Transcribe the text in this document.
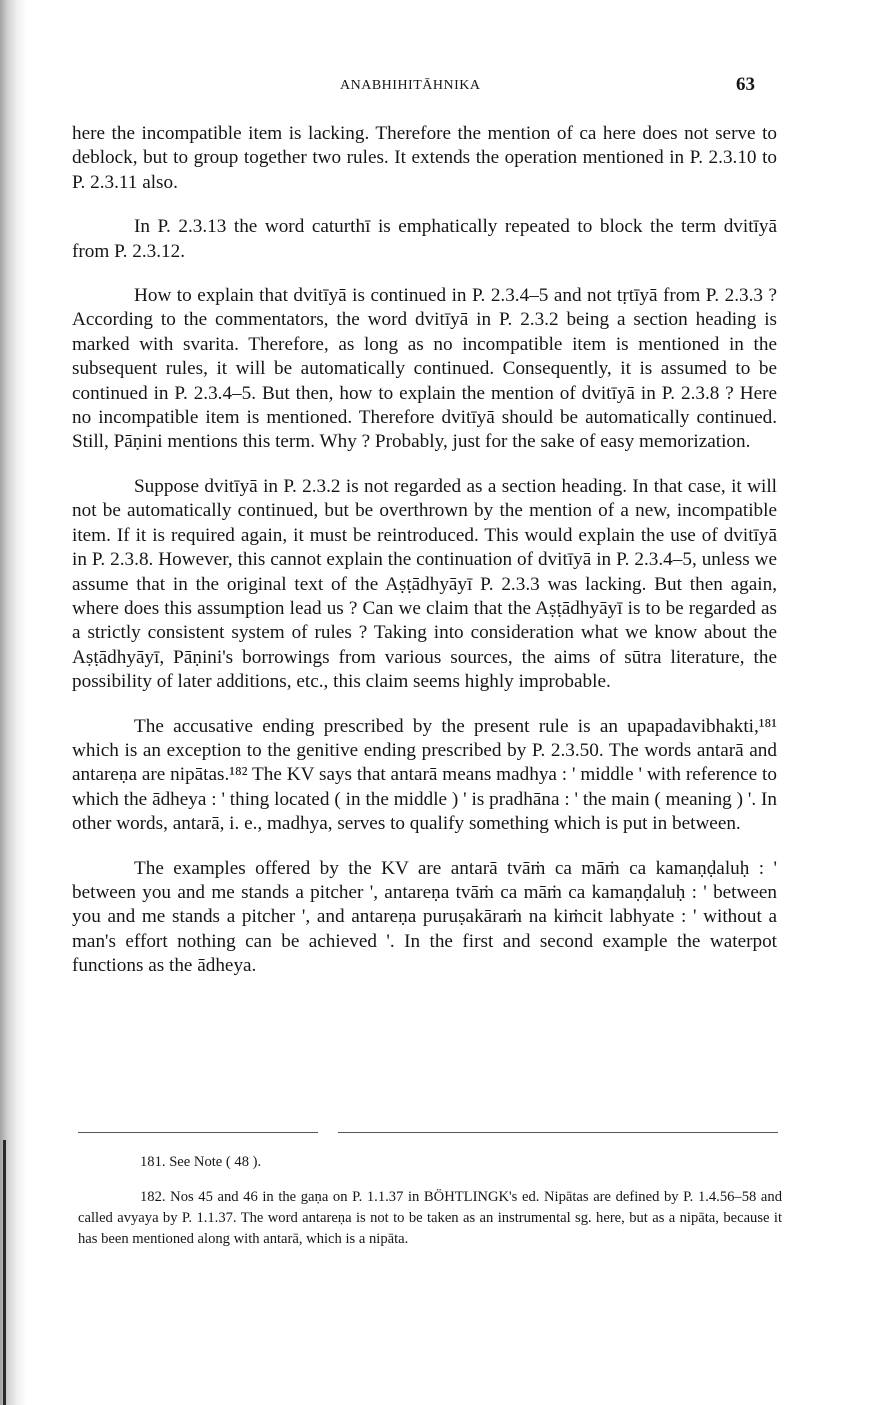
ANABHIHITĀHNIKA	63

here the incompatible item is lacking. Therefore the mention of ca here does not serve to deblock, but to group together two rules. It extends the operation mentioned in P. 2.3.10 to P. 2.3.11 also.

In P. 2.3.13 the word caturthī is emphatically repeated to block the term dvitīyā from P. 2.3.12.

How to explain that dvitīyā is continued in P. 2.3.4–5 and not tṛtīyā from P. 2.3.3 ? According to the commentators, the word dvitīyā in P. 2.3.2 being a section heading is marked with svarita. Therefore, as long as no incompatible item is mentioned in the subsequent rules, it will be automatically continued. Consequently, it is assumed to be continued in P. 2.3.4–5. But then, how to explain the mention of dvitīyā in P. 2.3.8 ? Here no incompatible item is mentioned. Therefore dvitīyā should be automatically continued. Still, Pāṇini mentions this term. Why ? Probably, just for the sake of easy memorization.

Suppose dvitīyā in P. 2.3.2 is not regarded as a section heading. In that case, it will not be automatically continued, but be overthrown by the mention of a new, incompatible item. If it is required again, it must be reintroduced. This would explain the use of dvitīyā in P. 2.3.8. However, this cannot explain the continuation of dvitīyā in P. 2.3.4–5, unless we assume that in the original text of the Aṣṭādhyāyī P. 2.3.3 was lacking. But then again, where does this assumption lead us ? Can we claim that the Aṣṭādhyāyī is to be regarded as a strictly consistent system of rules ? Taking into consideration what we know about the Aṣṭādhyāyī, Pāṇini's borrowings from various sources, the aims of sūtra literature, the possibility of later additions, etc., this claim seems highly improbable.

The accusative ending prescribed by the present rule is an upapadavibhakti,¹⁸¹ which is an exception to the genitive ending prescribed by P. 2.3.50. The words antarā and antareṇa are nipātas.¹⁸² The KV says that antarā means madhya : ' middle ' with reference to which the ādheya : ' thing located ( in the middle ) ' is pradhāna : ' the main ( meaning ) '. In other words, antarā, i. e., madhya, serves to qualify something which is put in between.

The examples offered by the KV are antarā tvāṁ ca māṁ ca kamaṇḍaluḥ : ' between you and me stands a pitcher ', antareṇa tvāṁ ca māṁ ca kamaṇḍaluḥ : ' between you and me stands a pitcher ', and antareṇa puruṣakāraṁ na kiṁcit labhyate : ' without a man's effort nothing can be achieved '. In the first and second example the waterpot functions as the ādheya.

181. See Note ( 48 ).

182. Nos 45 and 46 in the gaṇa on P. 1.1.37 in BÖHTLINGK's ed. Nipātas are defined by P. 1.4.56–58 and called avyaya by P. 1.1.37. The word antareṇa is not to be taken as an instrumental sg. here, but as a nipāta, because it has been mentioned along with antarā, which is a nipāta.
